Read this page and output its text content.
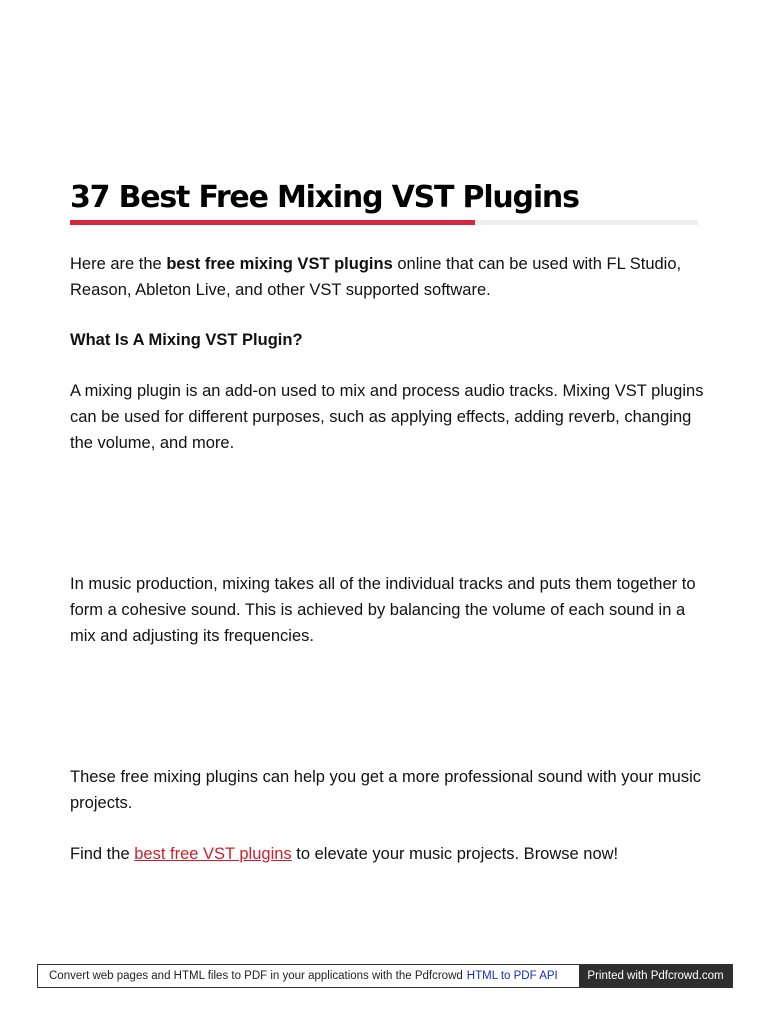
37 Best Free Mixing VST Plugins

Here are the best free mixing VST plugins online that can be used with FL Studio, Reason, Ableton Live, and other VST supported software.

What Is A Mixing VST Plugin?

A mixing plugin is an add-on used to mix and process audio tracks. Mixing VST plugins can be used for different purposes, such as applying effects, adding reverb, changing the volume, and more.

In music production, mixing takes all of the individual tracks and puts them together to form a cohesive sound. This is achieved by balancing the volume of each sound in a mix and adjusting its frequencies.

These free mixing plugins can help you get a more professional sound with your music projects.

Find the best free VST plugins to elevate your music projects. Browse now!

Convert web pages and HTML files to PDF in your applications with the Pdfcrowd HTML to PDF API	Printed with Pdfcrowd.com
